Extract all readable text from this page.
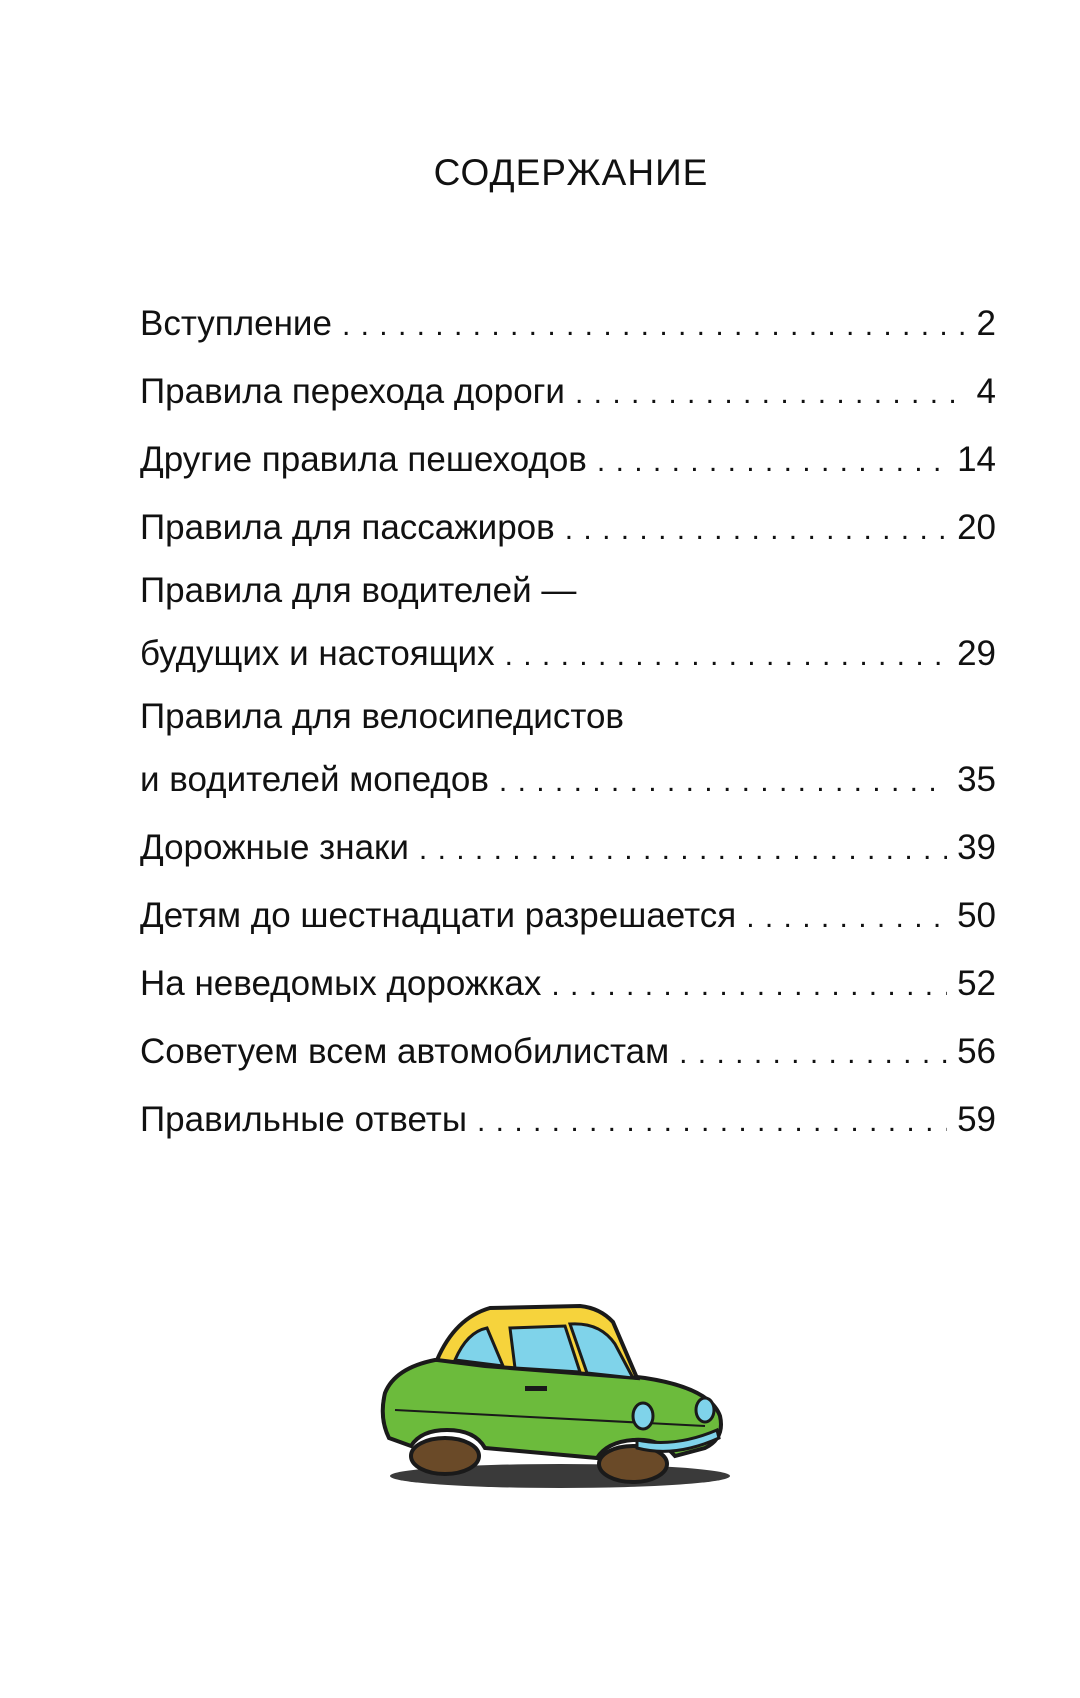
СОДЕРЖАНИЕ
Вступление . . .	2
Правила перехода дороги . . .	4
Другие правила пешеходов . . .	14
Правила для пассажиров . . .	20
Правила для водителей —
будущих и настоящих . . .	29
Правила для велосипедистов
и водителей мопедов . . .	35
Дорожные знаки . . .	39
Детям до шестнадцати разрешается . . .	50
На неведомых дорожках . . .	52
Советуем всем автомобилистам . . .	56
Правильные ответы . . .	59
